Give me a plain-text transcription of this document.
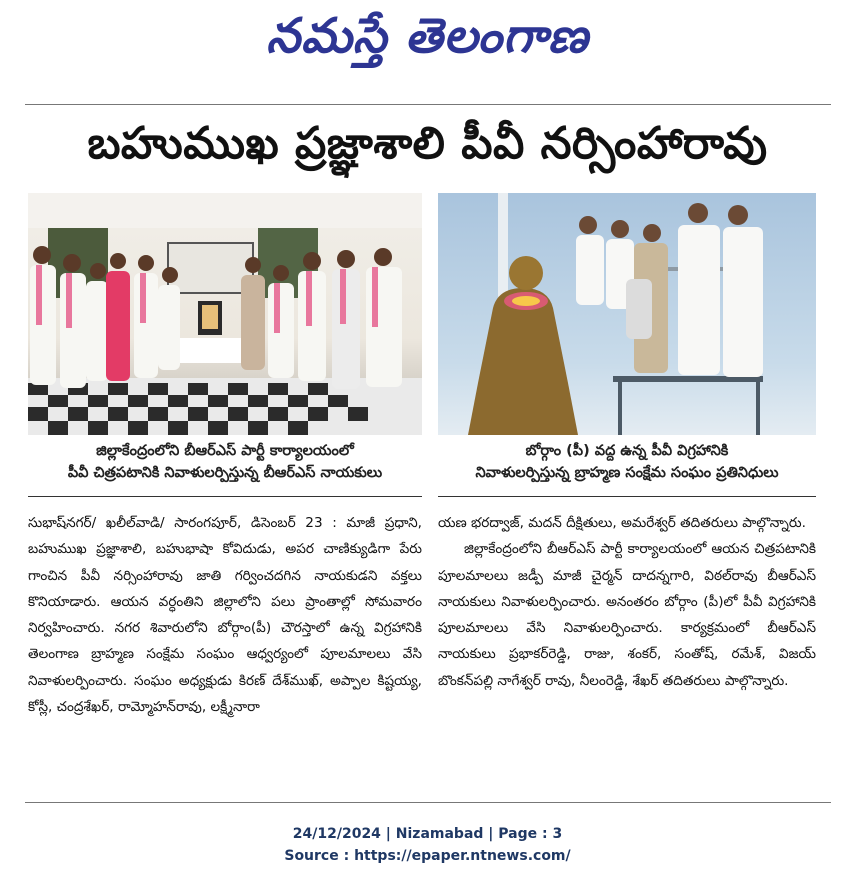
నమస్తే తెలంగాణ
బహుముఖ ప్రజ్ఞాశాలి పీవీ నర్సింహారావు
జిల్లాకేంద్రంలోని బీఆర్‌ఎస్ పార్టీ కార్యాలయంలో
పీవీ చిత్రపటానికి నివాళులర్పిస్తున్న బీఆర్‌ఎస్ నాయకులు
బోర్గాం (పీ) వద్ద ఉన్న పీవీ విగ్రహానికి
నివాళులర్పిస్తున్న బ్రాహ్మణ సంక్షేమ సంఘం ప్రతినిధులు

సుభాష్‌నగర్/ ఖలీల్‌వాడి/ సారంగపూర్, డిసెంబర్ 23 : మాజీ ప్రధాని, బహుముఖ ప్రజ్ఞాశాలి, బహుభాషా కోవిదుడు, అపర చాణిక్యుడిగా పేరు గాంచిన పీవీ నర్సింహారావు జాతి గర్వించదగిన నాయకుడని వక్తలు కొనియాడారు. ఆయన వర్ధంతిని జిల్లాలోని పలు ప్రాంతాల్లో సోమవారం నిర్వహించారు. నగర శివారులోని బోర్గాం(పీ) చౌరస్తాలో ఉన్న విగ్రహానికి తెలంగాణ బ్రాహ్మణ సంక్షేమ సంఘం ఆధ్వర్యంలో పూలమాలలు వేసి నివాళులర్పించారు. సంఘం అధ్యక్షుడు కిరణ్ దేశ్‌ముఖ్, అప్పాల కిష్టయ్య, కోస్లీ, చంద్రశేఖర్, రామ్మోహన్‌రావు, లక్ష్మీనారా

యణ భరద్వాజ్, మదన్ దీక్షితులు, అమరేశ్వర్ తదితరులు పాల్గొన్నారు.

జిల్లాకేంద్రంలోని బీఆర్‌ఎస్ పార్టీ కార్యాలయంలో ఆయన చిత్రపటానికి పూలమాలలు జడ్పీ మాజీ చైర్మన్ దాదన్నగారి, విఠల్‌రావు బీఆర్‌ఎస్ నాయకులు నివాళులర్పించారు. అనంతరం బోర్గాం (పీ)లో పీవీ విగ్రహానికి పూలమాలలు వేసి నివాళులర్పించారు. కార్యక్రమంలో బీఆర్‌ఎస్ నాయకులు ప్రభాకర్‌రెడ్డి, రాజు, శంకర్, సంతోష్, రమేశ్, విజయ్ బొంకన్‌పల్లి నాగేశ్వర్ రావు, నీలంరెడ్డి, శేఖర్ తదితరులు పాల్గొన్నారు.

24/12/2024 | Nizamabad | Page : 3
Source : https://epaper.ntnews.com/
